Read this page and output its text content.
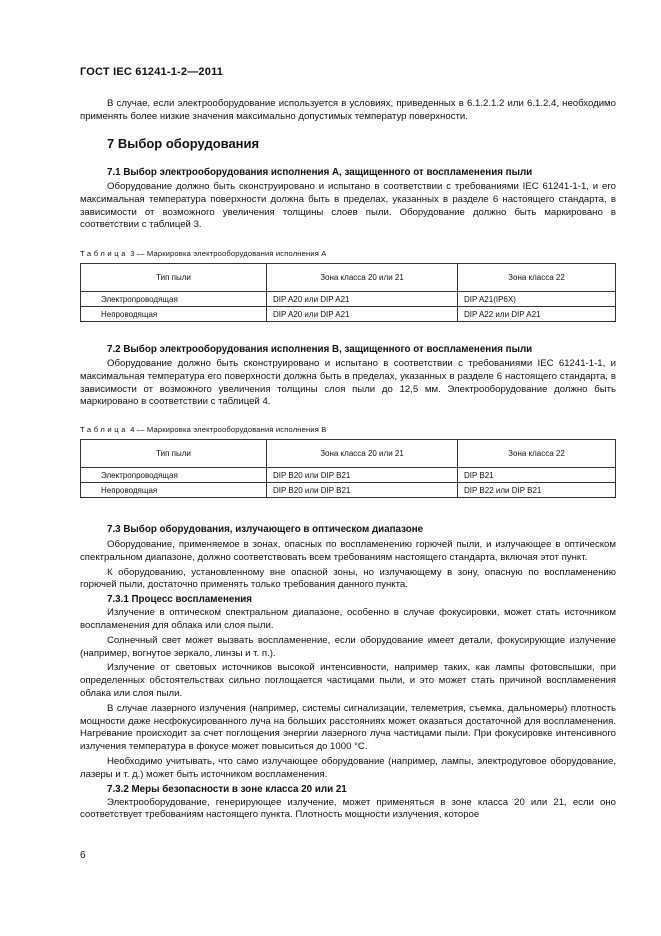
ГОСТ IEC 61241-1-2—2011

В случае, если электрооборудование используется в условиях, приведенных в 6.1.2.1.2 или 6.1.2.4, необходимо применять более низкие значения максимально допустимых температур поверхности.

7 Выбор оборудования

7.1 Выбор электрооборудования исполнения А, защищенного от воспламенения пыли

Оборудование должно быть сконструировано и испытано в соответствии с требованиями IEC 61241-1-1, и его максимальная температура поверхности должна быть в пределах, указанных в разделе 6 настоящего стандарта, в зависимости от возможного увеличения толщины слоев пыли. Оборудование должно быть маркировано в соответствии с таблицей 3.

Таблица 3 — Маркировка электрооборудования исполнения А

Тип пыли	Зона класса 20 или 21	Зона класса 22
Электропроводящая	DIP A20 или DIP A21	DIP A21(IP6X)
Непроводящая	DIP A20 или DIP A21	DIP A22 или DIP A21

7.2 Выбор электрооборудования исполнения В, защищенного от воспламенения пыли

Оборудование должно быть сконструировано и испытано в соответствии с требованиями IEC 61241-1-1, и максимальная температура его поверхности должна быть в пределах, указанных в разделе 6 настоящего стандарта, в зависимости от возможного увеличения толщины слоя пыли до 12,5 мм. Электрооборудование должно быть маркировано в соответствии с таблицей 4.

Таблица 4 — Маркировка электрооборудования исполнения В

Тип пыли	Зона класса 20 или 21	Зона класса 22
Электропроводящая	DIP B20 или DIP B21	DIP B21
Непроводящая	DIP B20 или DIP B21	DIP B22 или DIP B21

7.3 Выбор оборудования, излучающего в оптическом диапазоне

Оборудование, применяемое в зонах, опасных по воспламенению горючей пыли, и излучающее в оптическом спектральном диапазоне, должно соответствовать всем требованиям настоящего стандарта, включая этот пункт.

К оборудованию, установленному вне опасной зоны, но излучающему в зону, опасную по воспламенению горючей пыли, достаточно применять только требования данного пункта.

7.3.1 Процесс воспламенения

Излучение в оптическом спектральном диапазоне, особенно в случае фокусировки, может стать источником воспламенения для облака или слоя пыли.

Солнечный свет может вызвать воспламенение, если оборудование имеет детали, фокусирующие излучение (например, вогнутое зеркало, линзы и т. п.).

Излучение от световых источников высокой интенсивности, например таких, как лампы фотовспышки, при определенных обстоятельствах сильно поглощается частицами пыли, и это может стать причиной воспламенения облака или слоя пыли.

В случае лазерного излучения (например, системы сигнализации, телеметрия, съемка, дальномеры) плотность мощности даже несфокусированного луча на больших расстояниях может оказаться достаточной для воспламенения. Нагревание происходит за счет поглощения энергии лазерного луча частицами пыли. При фокусировке интенсивного излучения температура в фокусе может повыситься до 1000 °С.

Необходимо учитывать, что само излучающее оборудование (например, лампы, электродуговое оборудование, лазеры и т. д.) может быть источником воспламенения.

7.3.2 Меры безопасности в зоне класса 20 или 21

Электрооборудование, генерирующее излучение, может применяться в зоне класса 20 или 21, если оно соответствует требованиям настоящего пункта. Плотность мощности излучения, которое

6
